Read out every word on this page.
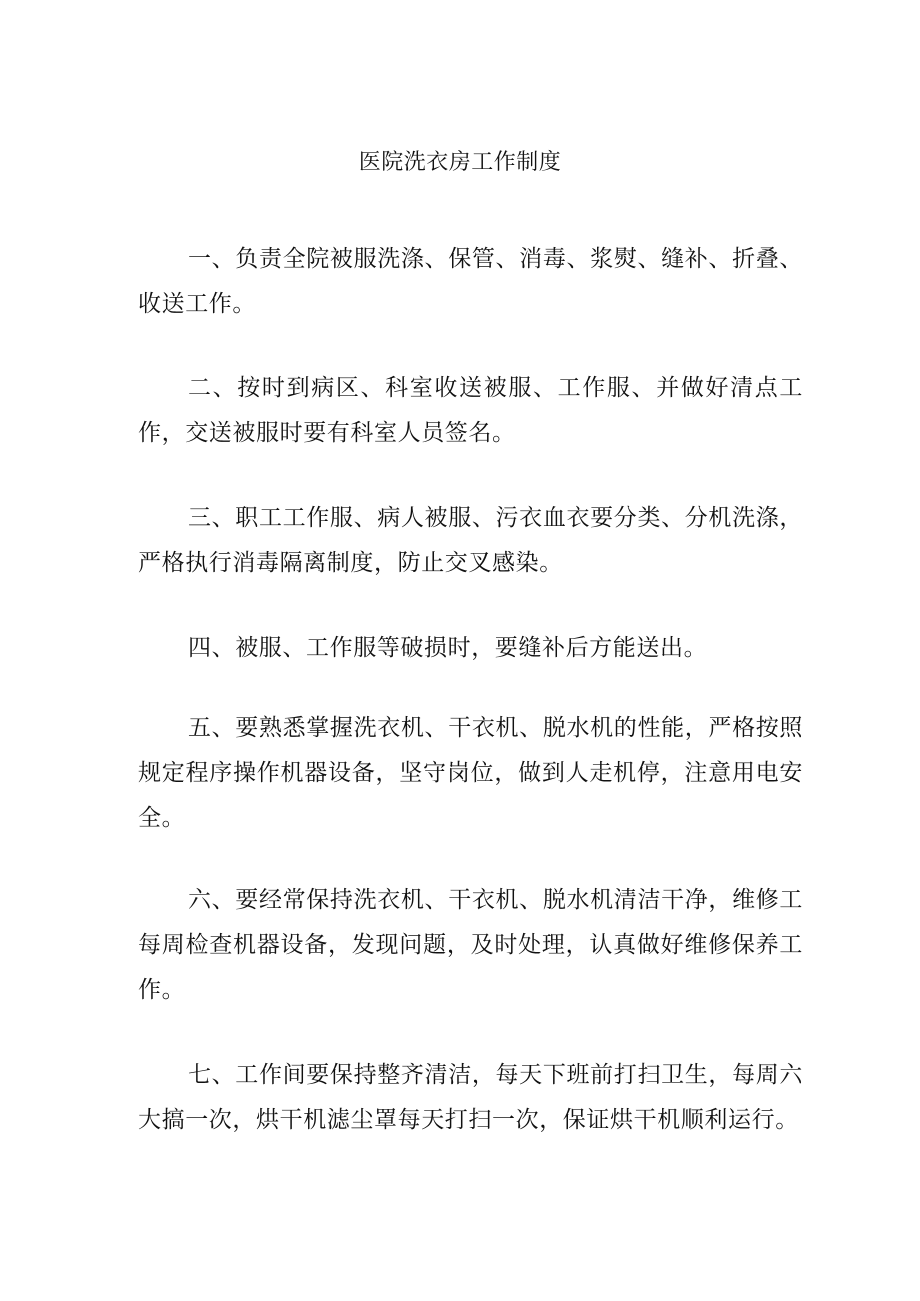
医院洗衣房工作制度

一、负责全院被服洗涤、保管、消毒、浆熨、缝补、折叠、收送工作。

二、按时到病区、科室收送被服、工作服、并做好清点工作，交送被服时要有科室人员签名。

三、职工工作服、病人被服、污衣血衣要分类、分机洗涤，严格执行消毒隔离制度，防止交叉感染。

四、被服、工作服等破损时，要缝补后方能送出。

五、要熟悉掌握洗衣机、干衣机、脱水机的性能，严格按照规定程序操作机器设备，坚守岗位，做到人走机停，注意用电安全。

六、要经常保持洗衣机、干衣机、脱水机清洁干净，维修工每周检查机器设备，发现问题，及时处理，认真做好维修保养工作。

七、工作间要保持整齐清洁，每天下班前打扫卫生，每周六大搞一次，烘干机滤尘罩每天打扫一次，保证烘干机顺利运行。
